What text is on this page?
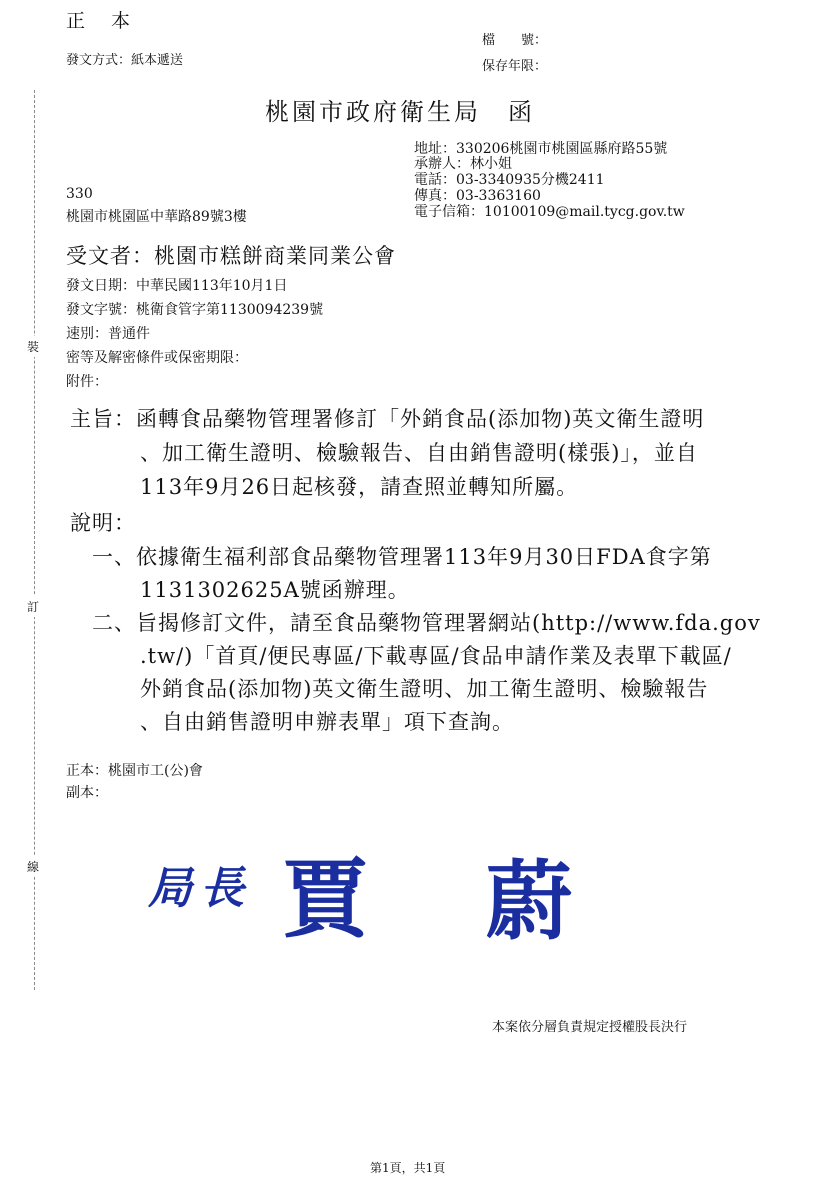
裝
訂
線
正 本
發文方式：紙本遞送
檔　　號：
保存年限：
桃園市政府衛生局　函
地址：330206桃園市桃園區縣府路55號
承辦人：林小姐
電話：03-3340935分機2411
傳真：03-3363160
電子信箱：10100109@mail.tycg.gov.tw
330
桃園市桃園區中華路89號3樓
受文者：桃園市糕餅商業同業公會
發文日期：中華民國113年10月1日
發文字號：桃衛食管字第1130094239號
速別：普通件
密等及解密條件或保密期限：
附件：
主旨：函轉食品藥物管理署修訂「外銷食品(添加物)英文衛生證明
、加工衛生證明、檢驗報告、自由銷售證明(樣張)」，並自
113年9月26日起核發，請查照並轉知所屬。
說明：
一、依據衛生福利部食品藥物管理署113年9月30日FDA食字第
1131302625A號函辦理。
二、旨揭修訂文件，請至食品藥物管理署網站(http://www.fda.gov
.tw/)「首頁/便民專區/下載專區/食品申請作業及表單下載區/
外銷食品(添加物)英文衛生證明、加工衛生證明、檢驗報告
、自由銷售證明申辦表單」項下查詢。
正本：桃園市工(公)會
副本：
局長 賈 蔚
本案依分層負責規定授權股長決行
第1頁，共1頁
